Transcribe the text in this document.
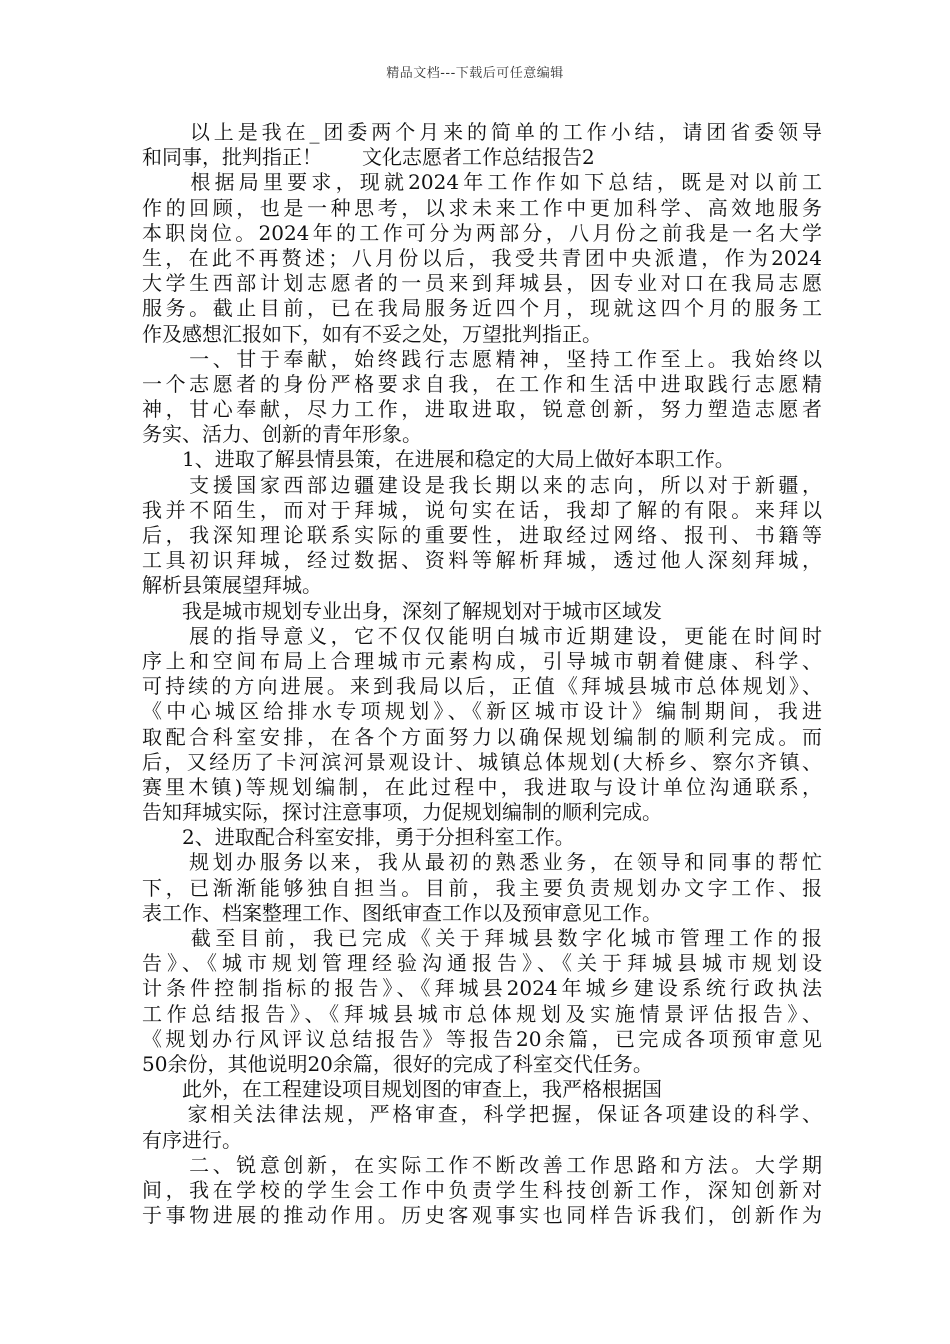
精品文档---下载后可任意编辑
　　以上是我在_团委两个月来的简单的工作小结，请团省委领导
和同事，批判指正！　　文化志愿者工作总结报告2
　　根据局里要求，现就2024年工作作如下总结，既是对以前工
作的回顾，也是一种思考，以求未来工作中更加科学、高效地服务
本职岗位。2024年的工作可分为两部分，八月份之前我是一名大学
生，在此不再赘述；八月份以后，我受共青团中央派遣，作为2024
大学生西部计划志愿者的一员来到拜城县，因专业对口在我局志愿
服务。截止目前，已在我局服务近四个月，现就这四个月的服务工
作及感想汇报如下，如有不妥之处，万望批判指正。
　　一、甘于奉献，始终践行志愿精神，坚持工作至上。我始终以
一个志愿者的身份严格要求自我，在工作和生活中进取践行志愿精
神，甘心奉献，尽力工作，进取进取，锐意创新，努力塑造志愿者
务实、活力、创新的青年形象。
　　1、进取了解县情县策，在进展和稳定的大局上做好本职工作。
　　支援国家西部边疆建设是我长期以来的志向，所以对于新疆，
我并不陌生，而对于拜城，说句实在话，我却了解的有限。来拜以
后，我深知理论联系实际的重要性，进取经过网络、报刊、书籍等
工具初识拜城，经过数据、资料等解析拜城，透过他人深刻拜城，
解析县策展望拜城。
　　我是城市规划专业出身，深刻了解规划对于城市区域发
　　展的指导意义，它不仅仅能明白城市近期建设，更能在时间时
序上和空间布局上合理城市元素构成，引导城市朝着健康、科学、
可持续的方向进展。来到我局以后，正值《拜城县城市总体规划》、
《中心城区给排水专项规划》、《新区城市设计》编制期间，我进
取配合科室安排，在各个方面努力以确保规划编制的顺利完成。而
后，又经历了卡河滨河景观设计、城镇总体规划(大桥乡、察尔齐镇、
赛里木镇)等规划编制，在此过程中，我进取与设计单位沟通联系，
告知拜城实际，探讨注意事项，力促规划编制的顺利完成。
　　2、进取配合科室安排，勇于分担科室工作。
　　规划办服务以来，我从最初的熟悉业务，在领导和同事的帮忙
下，已渐渐能够独自担当。目前，我主要负责规划办文字工作、报
表工作、档案整理工作、图纸审查工作以及预审意见工作。
　　截至目前，我已完成《关于拜城县数字化城市管理工作的报
告》、《城市规划管理经验沟通报告》、《关于拜城县城市规划设
计条件控制指标的报告》、《拜城县2024年城乡建设系统行政执法
工作总结报告》、《拜城县城市总体规划及实施情景评估报告》、
《规划办行风评议总结报告》等报告20余篇，已完成各项预审意见
50余份，其他说明20余篇，很好的完成了科室交代任务。
　　此外，在工程建设项目规划图的审查上，我严格根据国
　　家相关法律法规，严格审查，科学把握，保证各项建设的科学、
有序进行。
　　二、锐意创新，在实际工作不断改善工作思路和方法。大学期
间，我在学校的学生会工作中负责学生科技创新工作，深知创新对
于事物进展的推动作用。历史客观事实也同样告诉我们，创新作为
